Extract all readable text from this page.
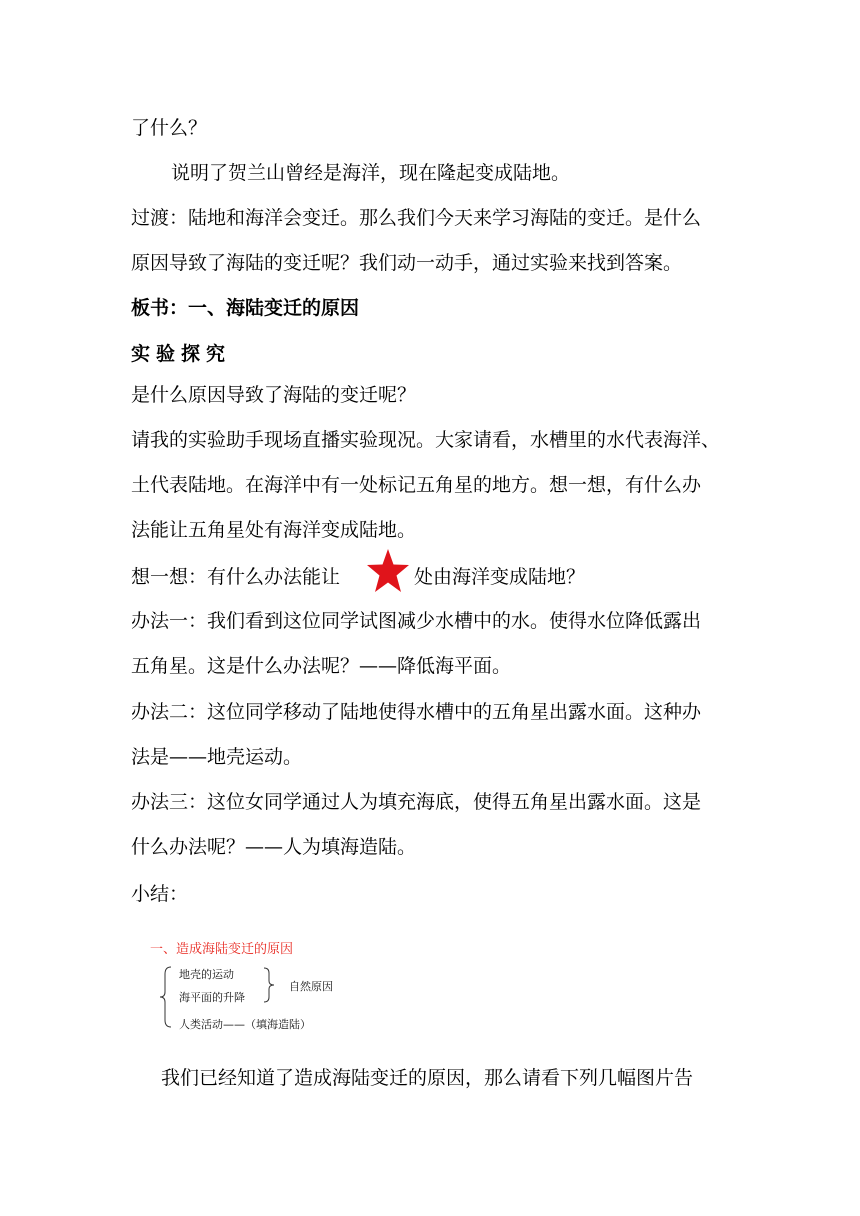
了什么？
说明了贺兰山曾经是海洋，现在隆起变成陆地。
过渡：陆地和海洋会变迁。那么我们今天来学习海陆的变迁。是什么
原因导致了海陆的变迁呢？我们动一动手，通过实验来找到答案。
板书：一、海陆变迁的原因
实验探究
是什么原因导致了海陆的变迁呢？
请我的实验助手现场直播实验现况。大家请看，水槽里的水代表海洋、
土代表陆地。在海洋中有一处标记五角星的地方。想一想，有什么办
法能让五角星处有海洋变成陆地。
想一想：有什么办法能让	处由海洋变成陆地？
办法一：我们看到这位同学试图减少水槽中的水。使得水位降低露出
五角星。这是什么办法呢？——降低海平面。
办法二：这位同学移动了陆地使得水槽中的五角星出露水面。这种办
法是——地壳运动。
办法三：这位女同学通过人为填充海底，使得五角星出露水面。这是
什么办法呢？——人为填海造陆。
小结：
一、造成海陆变迁的原因
地壳的运动
海平面的升降
自然原因
人类活动——（填海造陆）
我们已经知道了造成海陆变迁的原因，那么请看下列几幅图片告
